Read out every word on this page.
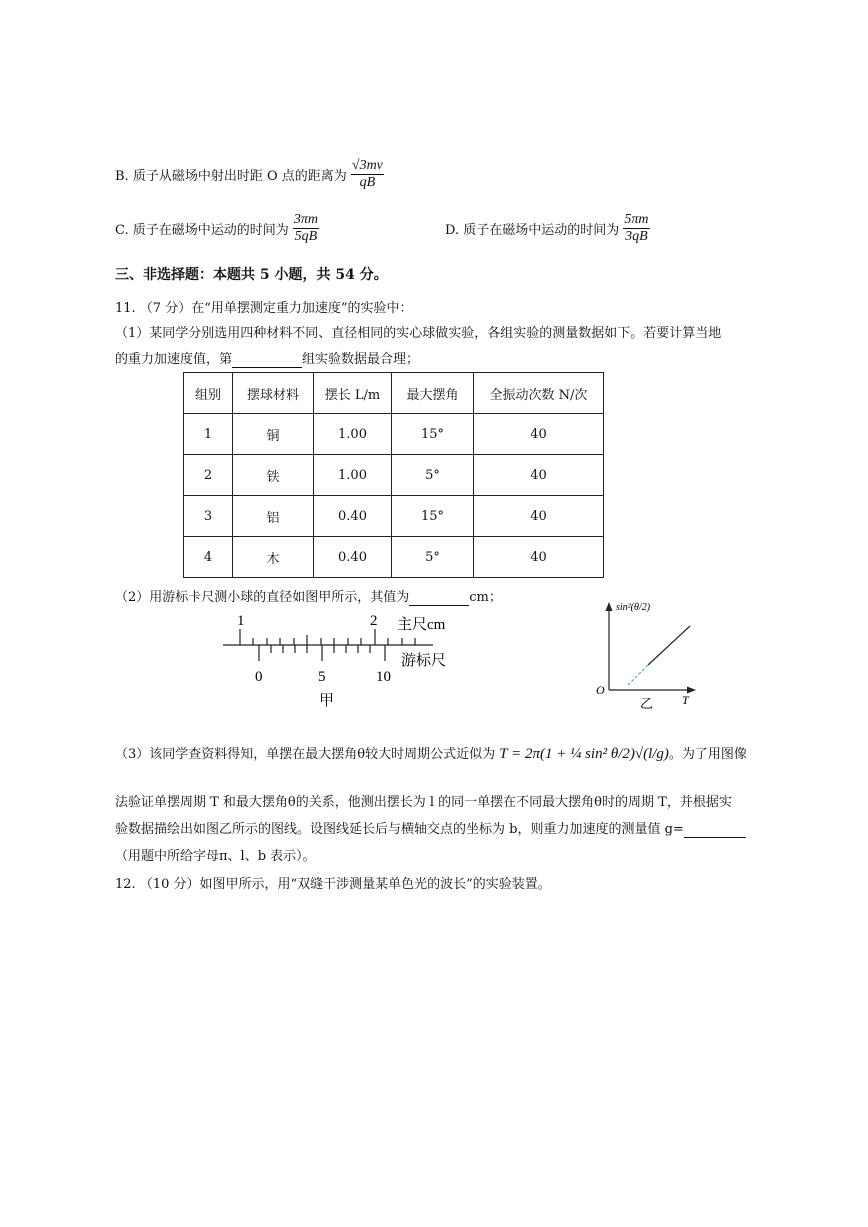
B. 质子从磁场中射出时距 O 点的距离为 $\frac{√3mv}{qB}$
C. 质子在磁场中运动的时间为 $\frac{3\pi m}{5qB}$	D. 质子在磁场中运动的时间为 $\frac{5\pi m}{3qB}$
三、非选择题：本题共 5 小题，共 54 分。
11. （7 分）在“用单摆测定重力加速度”的实验中：
（1）某同学分别选用四种材料不同、直径相同的实心球做实验，各组实验的测量数据如下。若要计算当地
的重力加速度值，第	组实验数据最合理；
组别	摆球材料	摆长 L/m	最大摆角	全振动次数 N/次
1	铜	1.00	15°	40
2	铁	1.00	5°	40
3	铝	0.40	15°	40
4	木	0.40	5°	40
（2）用游标卡尺测小球的直径如图甲所示，其值为	cm；
1	2 主尺cm
游标尺
0	5	10
甲
sin²(θ/2)
O
T
乙
（3）该同学查资料得知，单摆在最大摆角θ较大时周期公式近似为 T = 2π(1 + ¼ sin² θ/2)√(l/g)。为了用图像
法验证单摆周期 T 和最大摆角θ的关系，他测出摆长为 l 的同一单摆在不同最大摆角θ时的周期 T，并根据实
验数据描绘出如图乙所示的图线。设图线延长后与横轴交点的坐标为 b，则重力加速度的测量值 g=
（用题中所给字母π、l、b 表示）。
12. （10 分）如图甲所示，用“双缝干涉测量某单色光的波长”的实验装置。
